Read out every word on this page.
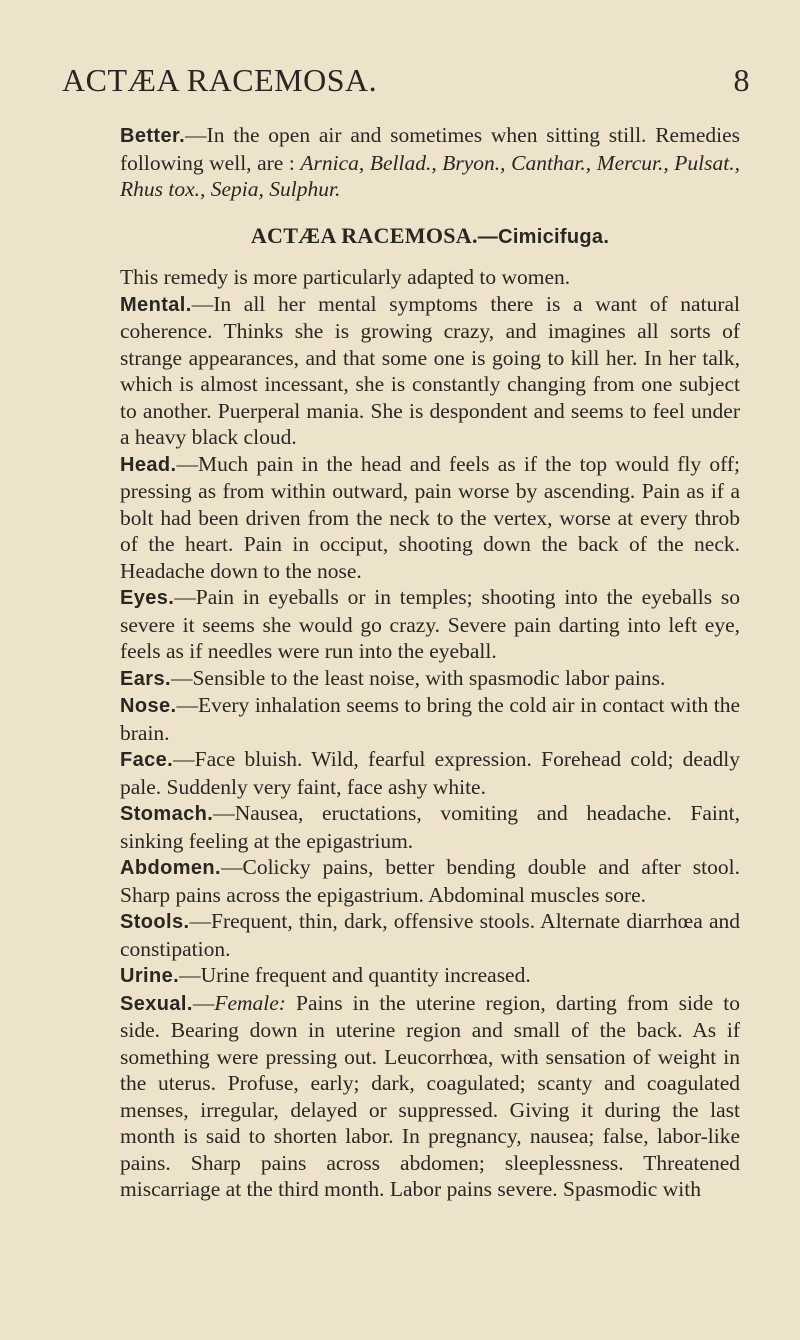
ACTÆA RACEMOSA.	8

Better.—In the open air and sometimes when sitting still. Remedies following well, are : Arnica, Bellad., Bryon., Canthar., Mercur., Pulsat., Rhus tox., Sepia, Sulphur.

ACTÆA RACEMOSA.—Cimicifuga.

This remedy is more particularly adapted to women.

Mental.—In all her mental symptoms there is a want of natural coherence. Thinks she is growing crazy, and imagines all sorts of strange appearances, and that some one is going to kill her. In her talk, which is almost incessant, she is constantly changing from one subject to another. Puerperal mania. She is despondent and seems to feel under a heavy black cloud.

Head.—Much pain in the head and feels as if the top would fly off; pressing as from within outward, pain worse by ascending. Pain as if a bolt had been driven from the neck to the vertex, worse at every throb of the heart. Pain in occiput, shooting down the back of the neck. Headache down to the nose.

Eyes.—Pain in eyeballs or in temples; shooting into the eyeballs so severe it seems she would go crazy. Severe pain darting into left eye, feels as if needles were run into the eyeball.

Ears.—Sensible to the least noise, with spasmodic labor pains.

Nose.—Every inhalation seems to bring the cold air in contact with the brain.

Face.—Face bluish. Wild, fearful expression. Forehead cold; deadly pale. Suddenly very faint, face ashy white.

Stomach.—Nausea, eructations, vomiting and headache. Faint, sinking feeling at the epigastrium.

Abdomen.—Colicky pains, better bending double and after stool. Sharp pains across the epigastrium. Abdominal muscles sore.

Stools.—Frequent, thin, dark, offensive stools. Alternate diarrhœa and constipation.

Urine.—Urine frequent and quantity increased.

Sexual.—Female: Pains in the uterine region, darting from side to side. Bearing down in uterine region and small of the back. As if something were pressing out. Leucorrhœa, with sensation of weight in the uterus. Profuse, early; dark, coagulated; scanty and coagulated menses, irregular, delayed or suppressed. Giving it during the last month is said to shorten labor. In pregnancy, nausea; false, labor-like pains. Sharp pains across abdomen; sleeplessness. Threatened miscarriage at the third month. Labor pains severe. Spasmodic with
